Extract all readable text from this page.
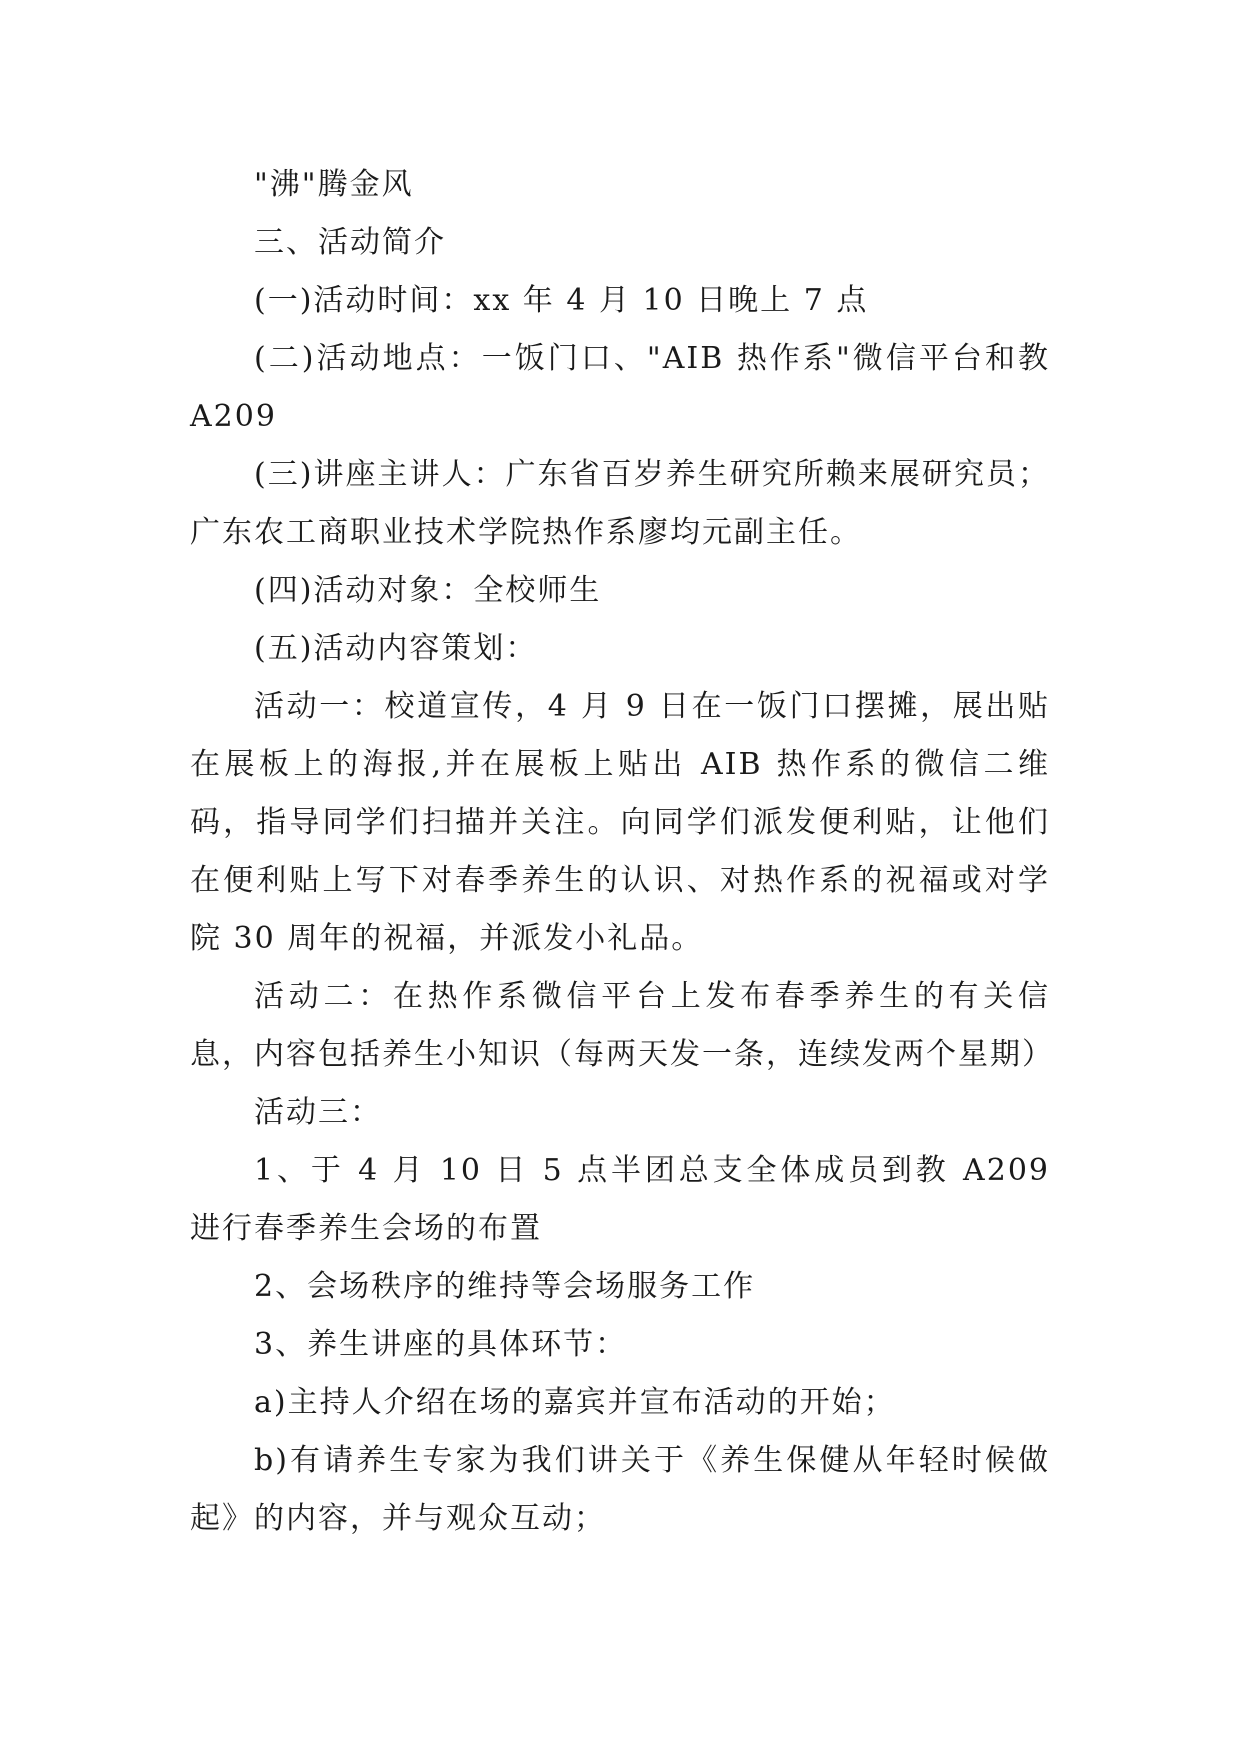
"沸"腾金风

三、活动简介

(一)活动时间：xx 年 4 月 10 日晚上 7 点

(二)活动地点：一饭门口、"AIB 热作系"微信平台和教 A209

(三)讲座主讲人：广东省百岁养生研究所赖来展研究员；广东农工商职业技术学院热作系廖均元副主任。

(四)活动对象：全校师生

(五)活动内容策划：

活动一：校道宣传，4 月 9 日在一饭门口摆摊，展出贴在展板上的海报,并在展板上贴出 AIB 热作系的微信二维码，指导同学们扫描并关注。向同学们派发便利贴，让他们在便利贴上写下对春季养生的认识、对热作系的祝福或对学院 30 周年的祝福，并派发小礼品。

活动二：在热作系微信平台上发布春季养生的有关信息，内容包括养生小知识（每两天发一条，连续发两个星期）

活动三：

1、于 4 月 10 日 5 点半团总支全体成员到教 A209 进行春季养生会场的布置

2、会场秩序的维持等会场服务工作

3、养生讲座的具体环节：

a)主持人介绍在场的嘉宾并宣布活动的开始；

b)有请养生专家为我们讲关于《养生保健从年轻时候做起》的内容，并与观众互动；
